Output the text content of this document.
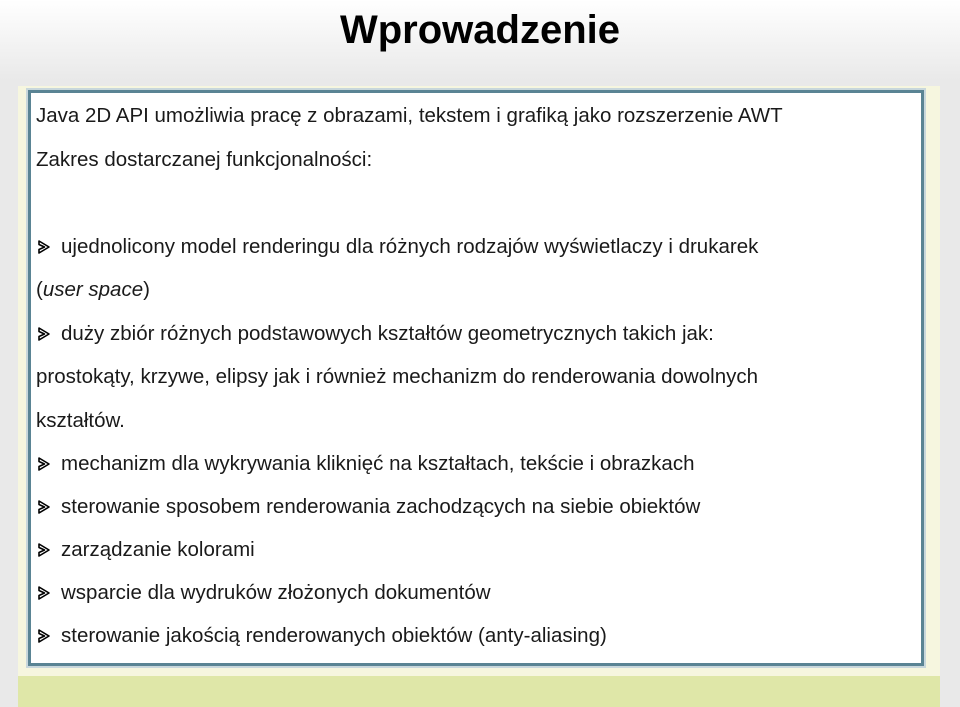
Wprowadzenie
Java 2D API umożliwia pracę z obrazami, tekstem i grafiką jako rozszerzenie AWT
Zakres dostarczanej funkcjonalności:
ujednolicony model renderingu dla różnych rodzajów wyświetlaczy i drukarek
(user space)
duży zbiór różnych podstawowych kształtów geometrycznych takich jak:
prostokąty, krzywe, elipsy jak i również mechanizm do renderowania dowolnych
kształtów.
mechanizm dla wykrywania kliknięć na kształtach, tekście i obrazkach
sterowanie sposobem renderowania zachodzących na siebie obiektów
zarządzanie kolorami
wsparcie dla wydruków złożonych dokumentów
sterowanie jakością renderowanych obiektów (anty-aliasing)
